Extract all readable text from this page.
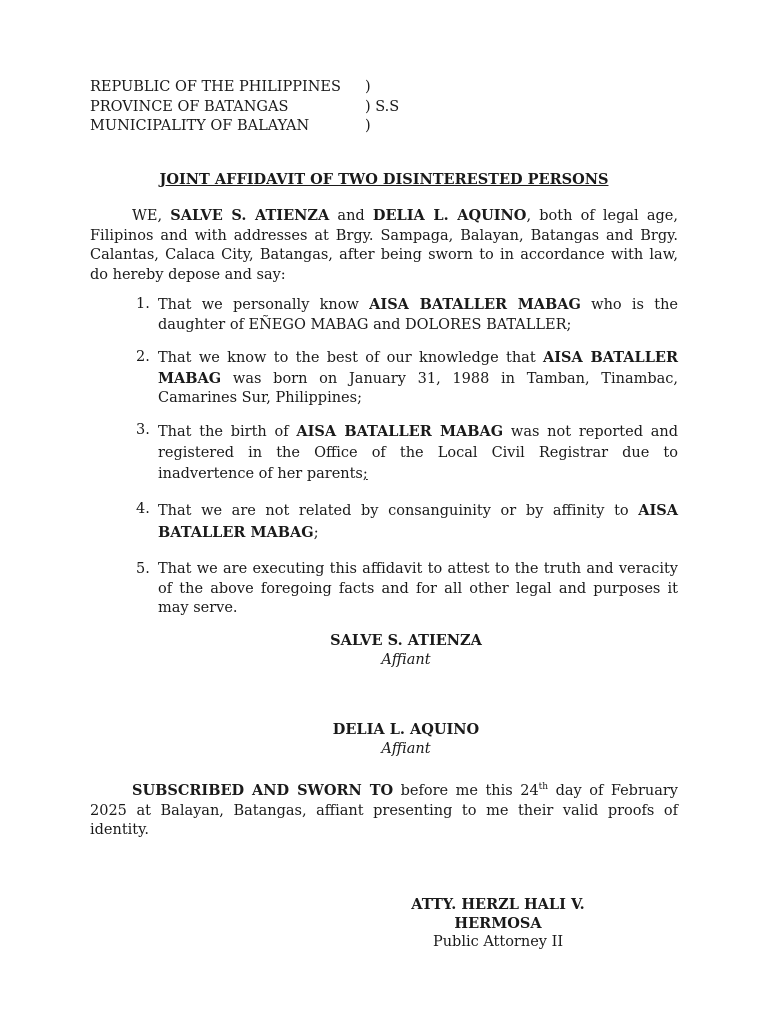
REPUBLIC OF THE PHILIPPINES )
PROVINCE OF BATANGAS	) S.S
MUNICIPALITY OF BALAYAN	)
JOINT AFFIDAVIT OF TWO DISINTERESTED PERSONS

WE, SALVE S. ATIENZA and DELIA L. AQUINO, both of legal age, Filipinos and with addresses at Brgy. Sampaga, Balayan, Batangas and Brgy. Calantas, Calaca City, Batangas, after being sworn to in accordance with law, do hereby depose and say:

1. That we personally know AISA BATALLER MABAG who is the daughter of EÑEGO MABAG and DOLORES BATALLER;
2. That we know to the best of our knowledge that AISA BATALLER MABAG was born on January 31, 1988 in Tamban, Tinambac, Camarines Sur, Philippines;
3. That the birth of AISA BATALLER MABAG was not reported and registered in the Office of the Local Civil Registrar due to inadvertence of her parents;
4. That we are not related by consanguinity or by affinity to AISA BATALLER MABAG;
5. That we are executing this affidavit to attest to the truth and veracity of the above foregoing facts and for all other legal and purposes it may serve.
SALVE S. ATIENZA
Affiant
DELIA L. AQUINO
Affiant

SUBSCRIBED AND SWORN TO before me this 24th day of February 2025 at Balayan, Batangas, affiant presenting to me their valid proofs of identity.

ATTY. HERZL HALI V. HERMOSA
Public Attorney II
